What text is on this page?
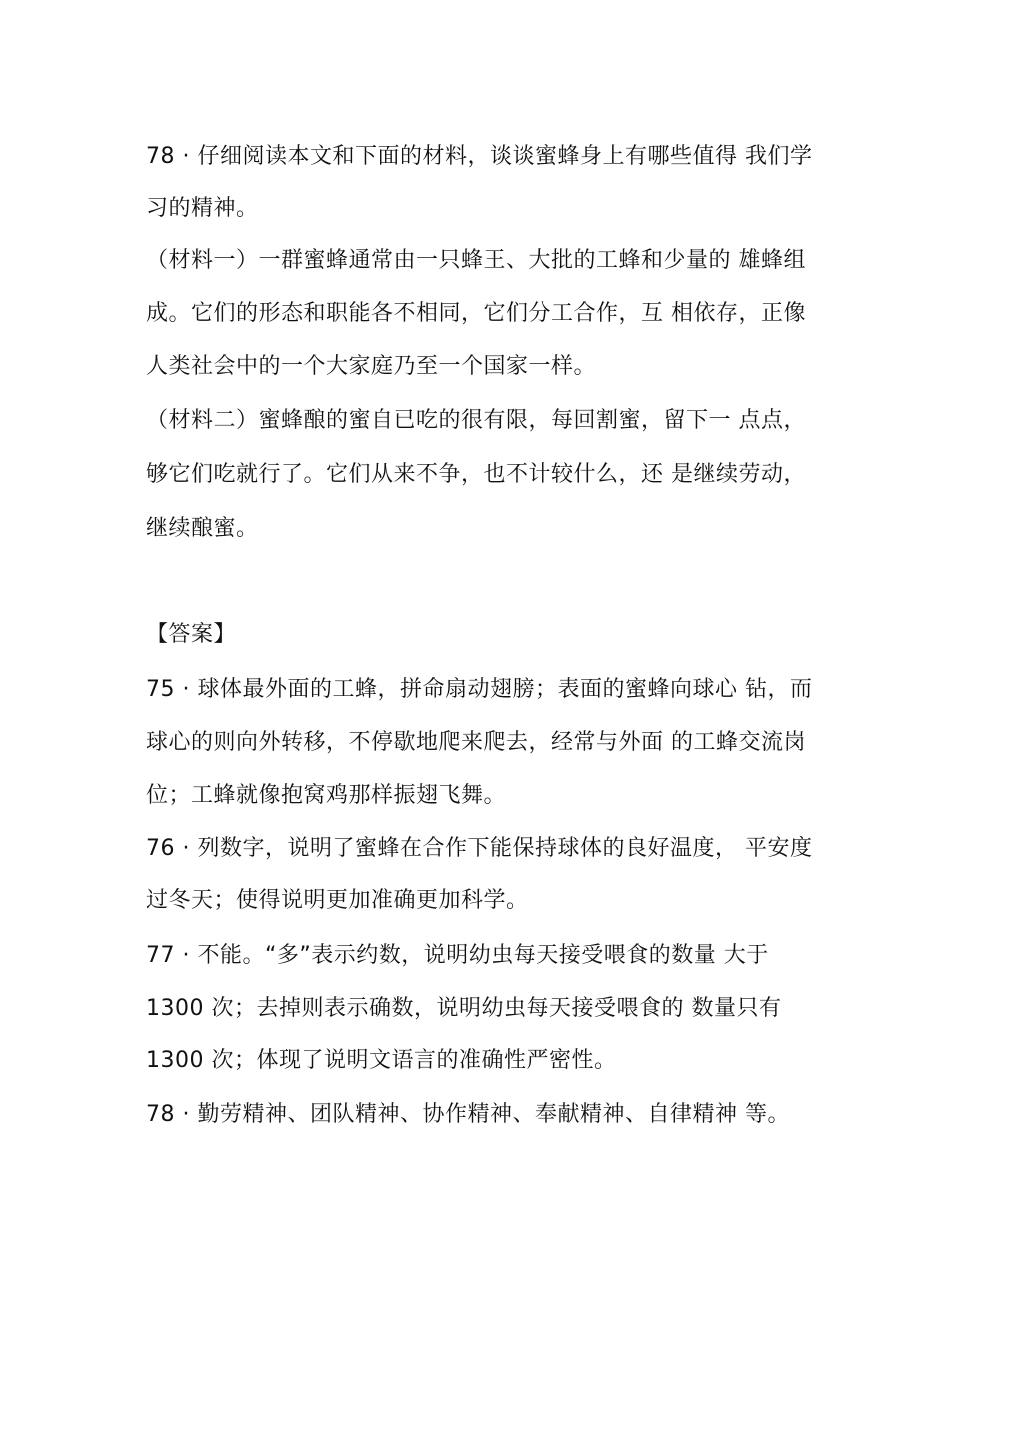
78 · 仔细阅读本文和下面的材料，谈谈蜜蜂身上有哪些值得 我们学
习的精神。
（材料一）一群蜜蜂通常由一只蜂王、大批的工蜂和少量的 雄蜂组
成。它们的形态和职能各不相同，它们分工合作，互 相依存，正像
人类社会中的一个大家庭乃至一个国家一样。
（材料二）蜜蜂酿的蜜自已吃的很有限，每回割蜜，留下一 点点，
够它们吃就行了。它们从来不争，也不计较什么，还 是继续劳动，
继续酿蜜。
【答案】
75 · 球体最外面的工蜂，拼命扇动翅膀；表面的蜜蜂向球心 钻，而
球心的则向外转移，不停歇地爬来爬去，经常与外面 的工蜂交流岗
位；工蜂就像抱窝鸡那样振翅飞舞。
76 · 列数字，说明了蜜蜂在合作下能保持球体的良好温度， 平安度
过冬天；使得说明更加准确更加科学。
77 · 不能。“多”表示约数，说明幼虫每天接受喂食的数量 大于
1300 次；去掉则表示确数，说明幼虫每天接受喂食的 数量只有
1300 次；体现了说明文语言的准确性严密性。
78 · 勤劳精神、团队精神、协作精神、奉献精神、自律精神 等。
